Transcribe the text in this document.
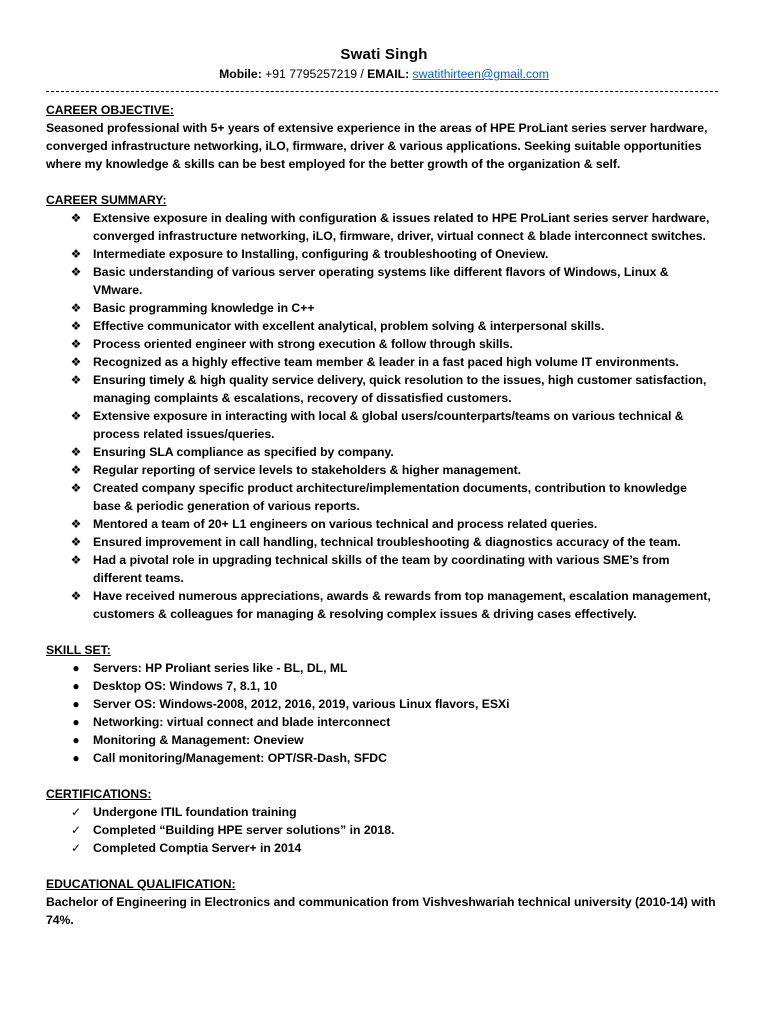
Swati Singh
Mobile: +91 7795257219 / EMAIL: swatithirteen@gmail.com
CAREER OBJECTIVE:
Seasoned professional with 5+ years of extensive experience in the areas of HPE ProLiant series server hardware, converged infrastructure networking, iLO, firmware, driver & various applications. Seeking suitable opportunities where my knowledge & skills can be best employed for the better growth of the organization & self.
CAREER SUMMARY:
❖ Extensive exposure in dealing with configuration & issues related to HPE ProLiant series server hardware, converged infrastructure networking, iLO, firmware, driver, virtual connect & blade interconnect switches.
❖ Intermediate exposure to Installing, configuring & troubleshooting of Oneview.
❖ Basic understanding of various server operating systems like different flavors of Windows, Linux & VMware.
❖ Basic programming knowledge in C++
❖ Effective communicator with excellent analytical, problem solving & interpersonal skills.
❖ Process oriented engineer with strong execution & follow through skills.
❖ Recognized as a highly effective team member & leader in a fast paced high volume IT environments.
❖ Ensuring timely & high quality service delivery, quick resolution to the issues, high customer satisfaction, managing complaints & escalations, recovery of dissatisfied customers.
❖ Extensive exposure in interacting with local & global users/counterparts/teams on various technical & process related issues/queries.
❖ Ensuring SLA compliance as specified by company.
❖ Regular reporting of service levels to stakeholders & higher management.
❖ Created company specific product architecture/implementation documents, contribution to knowledge base & periodic generation of various reports.
❖ Mentored a team of 20+ L1 engineers on various technical and process related queries.
❖ Ensured improvement in call handling, technical troubleshooting & diagnostics accuracy of the team.
❖ Had a pivotal role in upgrading technical skills of the team by coordinating with various SME’s from different teams.
❖ Have received numerous appreciations, awards & rewards from top management, escalation management, customers & colleagues for managing & resolving complex issues & driving cases effectively.
SKILL SET:
● Servers: HP Proliant series like - BL, DL, ML
● Desktop OS: Windows 7, 8.1, 10
● Server OS: Windows-2008, 2012, 2016, 2019, various Linux flavors, ESXi
● Networking: virtual connect and blade interconnect
● Monitoring & Management: Oneview
● Call monitoring/Management: OPT/SR-Dash, SFDC
CERTIFICATIONS:
✓ Undergone ITIL foundation training
✓ Completed “Building HPE server solutions” in 2018.
✓ Completed Comptia Server+ in 2014
EDUCATIONAL QUALIFICATION:
Bachelor of Engineering in Electronics and communication from Vishveshwariah technical university (2010-14) with 74%.
